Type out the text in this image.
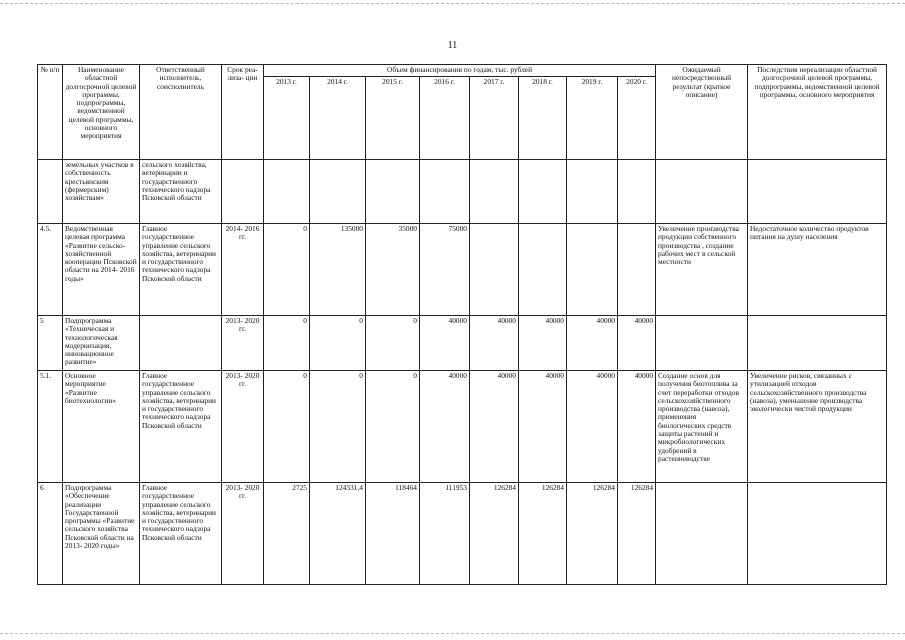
11
№ п/п	Наименование областной долгосрочной целевой программы, подпрограммы, ведомственной целевой программы, основного мероприятия	Ответственный исполнитель, соисполнитель	Срок реа- лиза- ции	Объем финансирования по годам, тыс. рублей								Ожидаемый непосредственный результат (краткое описание)	Последствия нереализации областной долгосрочной целевой программы, подпрограммы, ведомственной целевой программы, основного мероприятия
				2013 г.	2014 г.	2015 г.	2016 г.	2017 г.	2018 г.	2019 г.	2020 г.		
	земельных участков в собственность крестьянским (фермерским) хозяйствам»	сельского хозяйства, ветеринарии и государственного технического надзора Псковской области											
4.5.	Ведомственная целевая программа «Развитие сельско- хозяйственной кооперации Псковской области на 2014- 2016 годы»	Главное государственное управление сельского хозяйства, ветеринарии и государственного технического надзора Псковской области	2014- 2016 гг.	0	135000	35000	75000					Увеличение производства продукции собственного производства , создание рабочих мест в сельской местности	Недостаточное количество продуктов питания на душу населения
5	Подпрограмма «Техническая и технологическая модернизация, инновационное развитие»		2013- 2020 гг.	0	0	0	40000	40000	40000	40000	40000		
5.1.	Основное мероприятие «Развитие биотехнологии»	Главное государственное управление сельского хозяйства, ветеринарии и государственного технического надзора Псковской области	2013- 2020 гг.	0	0	0	40000	40000	40000	40000	40000	Создание основ для получения биотоплива за счет переработки отходов сельскохозяйственного производства (навоза), применения биологических средств защиты растений и микробиологических удобрений в растениеводстве	Увеличение рисков, связанных с утилизацией отходов сельскохозяйственного производства (навоза), уменьшение производства экологически чистой продукции
6	Подпрограмма «Обеспечение реализации Государственной программы «Развитие сельского хозяйства Псковской области на 2013- 2020 годы»	Главное государственное управление сельского хозяйства, ветеринарии и государственного технического надзора Псковской области	2013- 2020 гг.	2725	124331,4	118464	111953	126284	126284	126284	126284		
